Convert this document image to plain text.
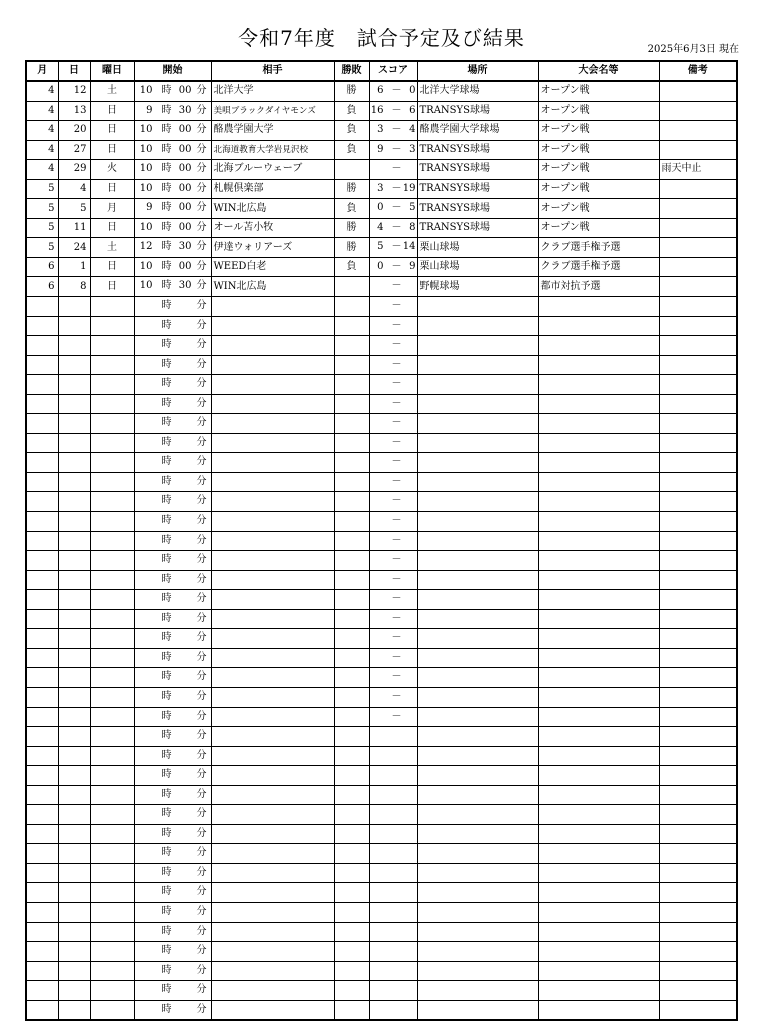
令和7年度　試合予定及び結果	2025年6月3日 現在
月	日	曜日	開始	相手	勝敗	スコア	場所	大会名等	備考
4	12	土	10 時 00 分	北洋大学	勝	6 － 0	北洋大学球場	オープン戦	
4	13	日	9 時 30 分	美唄ブラックダイヤモンズ	負	16 － 6	TRANSYS球場	オープン戦	
4	20	日	10 時 00 分	酪農学園大学	負	3 － 4	酪農学園大学球場	オープン戦	
4	27	日	10 時 00 分	北海道教育大学岩見沢校	負	9 － 3	TRANSYS球場	オープン戦	
4	29	火	10 時 00 分	北海ブルーウェーブ		－	TRANSYS球場	オープン戦	雨天中止
5	4	日	10 時 00 分	札幌倶楽部	勝	3 － 19	TRANSYS球場	オープン戦	
5	5	月	9 時 00 分	WIN北広島	負	0 － 5	TRANSYS球場	オープン戦	
5	11	日	10 時 00 分	オール苫小牧	勝	4 － 8	TRANSYS球場	オープン戦	
5	24	土	12 時 30 分	伊達ウォリアーズ	勝	5 － 14	栗山球場	クラブ選手権予選	
6	1	日	10 時 00 分	WEED白老	負	0 － 9	栗山球場	クラブ選手権予選	
6	8	日	10 時 30 分	WIN北広島		－	野幌球場	都市対抗予選	

			時 分			－			

			時 分			－			

			時 分			－			

			時 分			－			

			時 分			－			

			時 分			－			

			時 分			－			

			時 分			－			

			時 分			－			

			時 分			－			

			時 分			－			

			時 分			－			

			時 分			－			

			時 分			－			

			時 分			－			

			時 分			－			

			時 分			－			

			時 分			－			

			時 分			－			

			時 分			－			

			時 分			－			

			時 分			－			

			時 分						

			時 分						

			時 分						

			時 分						

			時 分						

			時 分						

			時 分						

			時 分						

			時 分						

			時 分						

			時 分						

			時 分						

			時 分						

			時 分						

			時 分						
